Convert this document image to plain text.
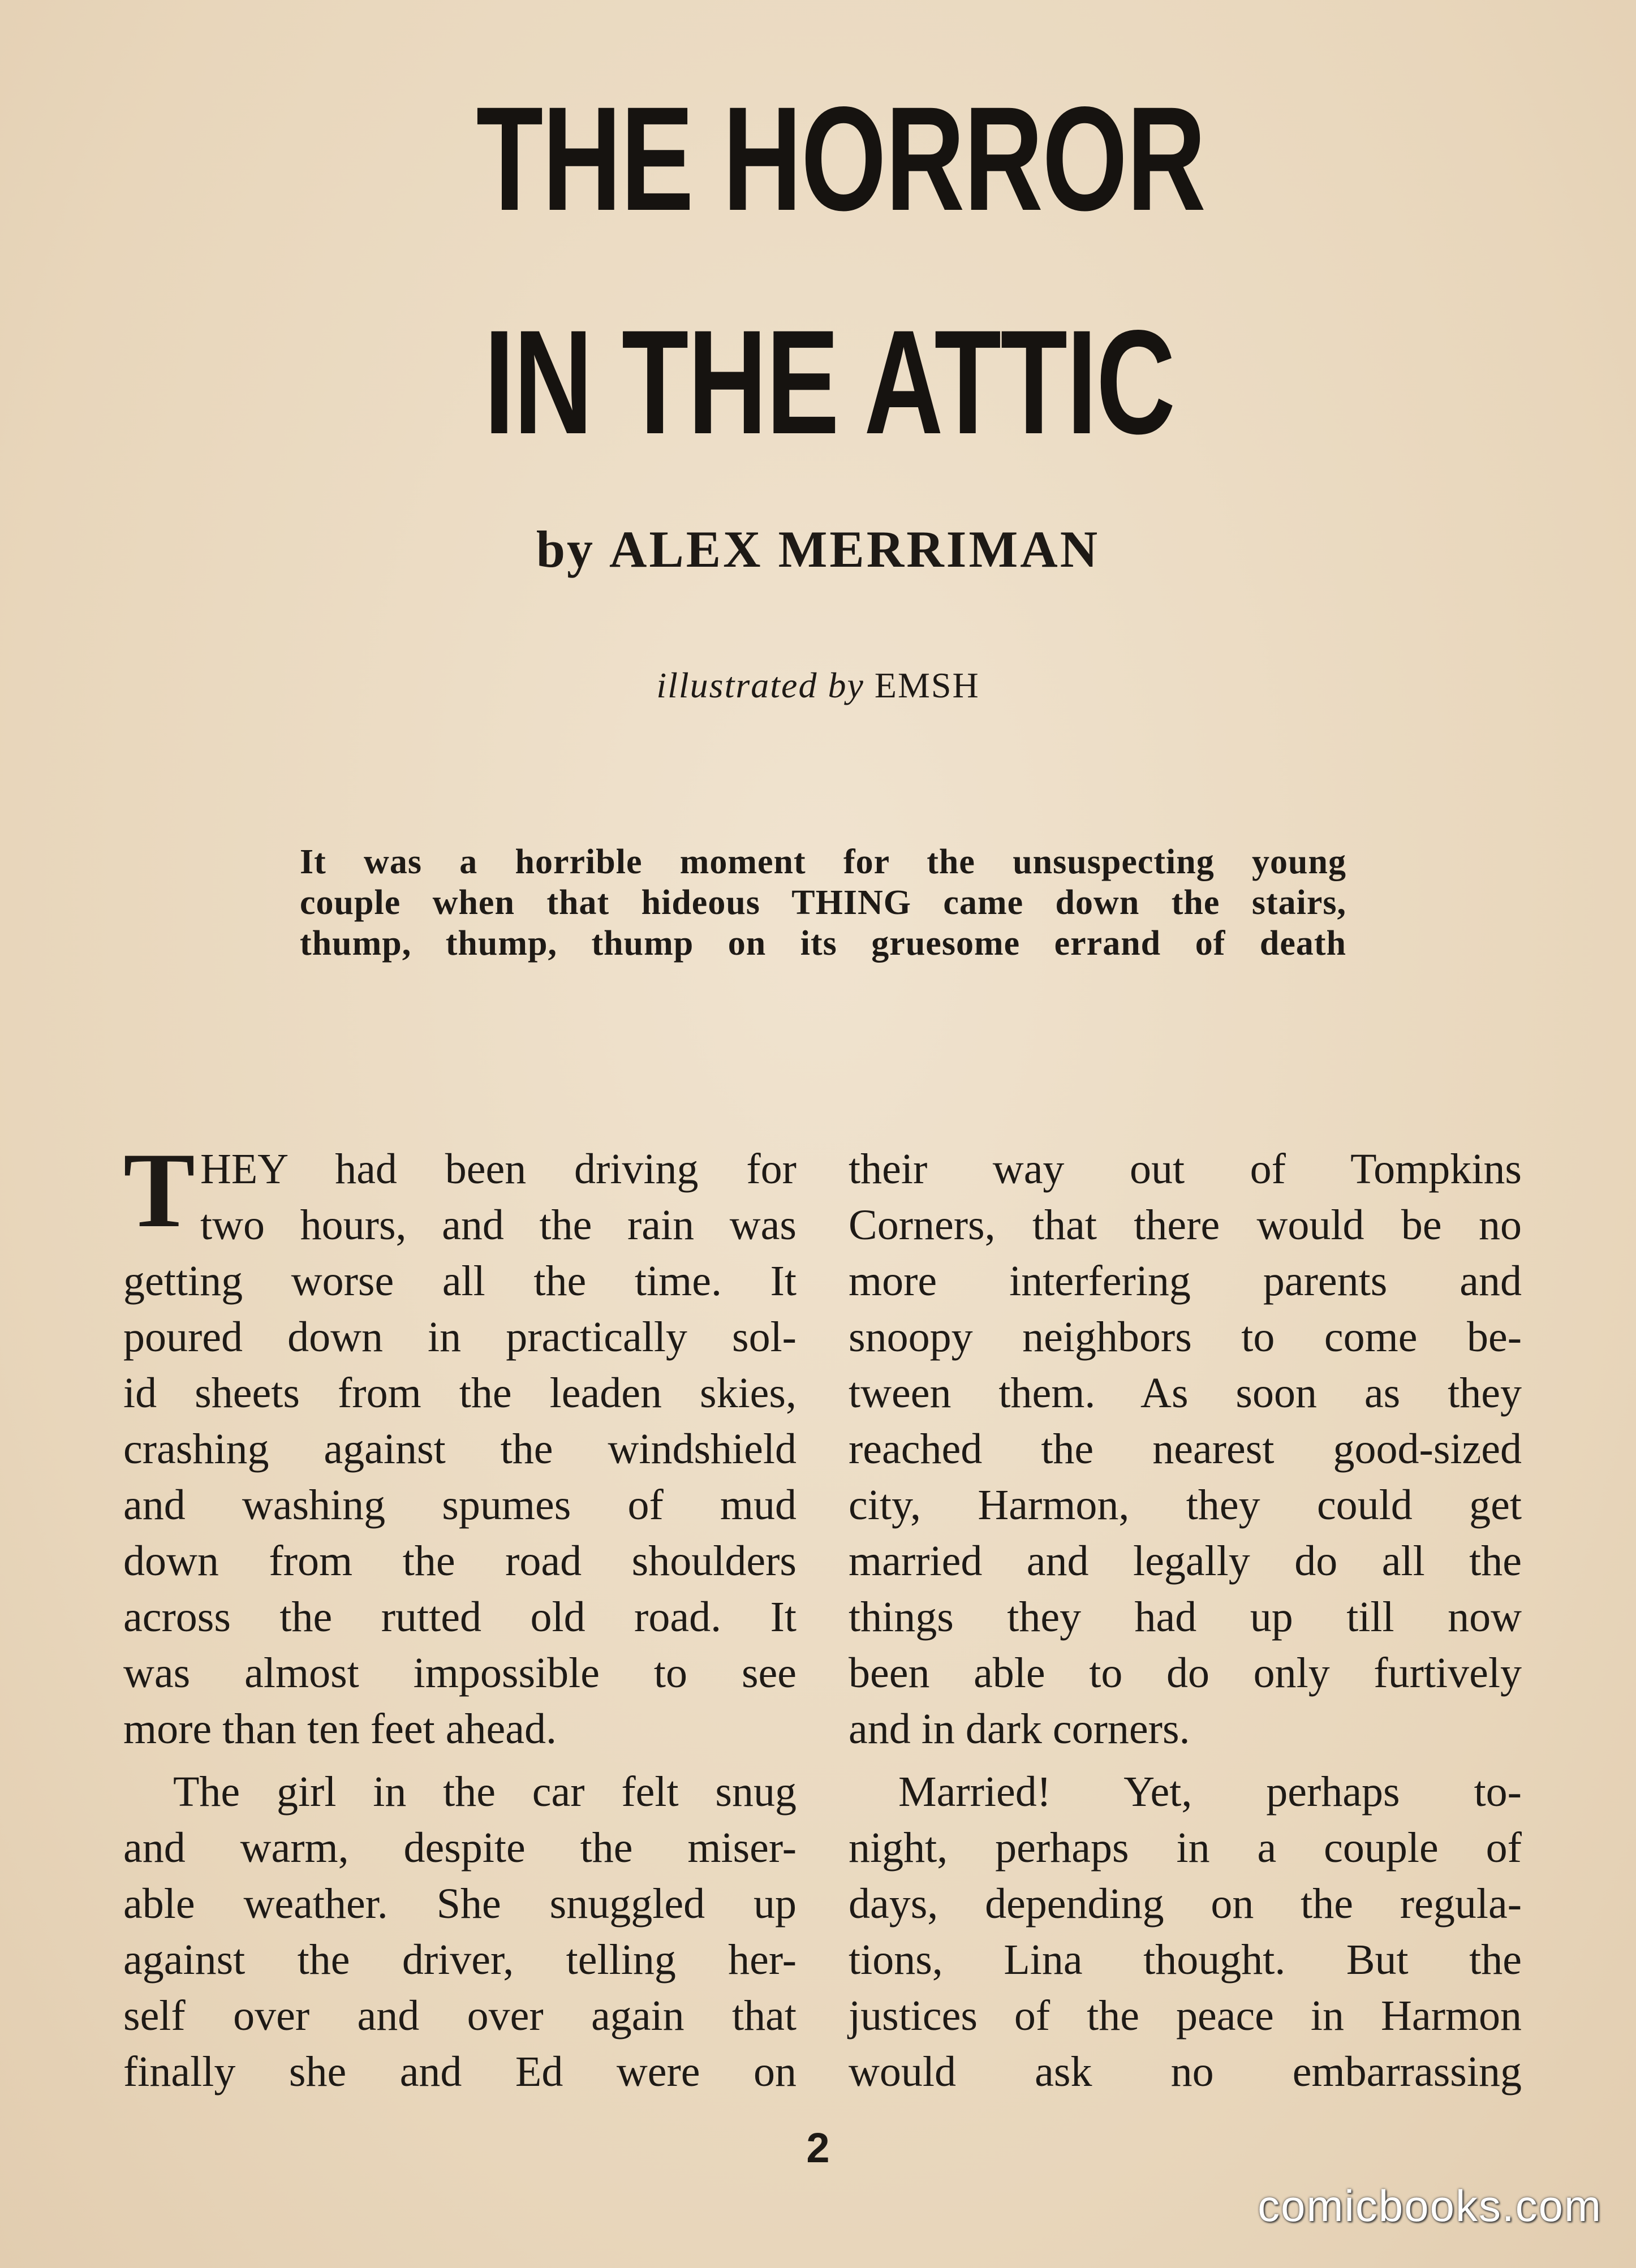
THE HORROR
IN THE ATTIC
by ALEX MERRIMAN
illustrated by EMSH
It was a horrible moment for the unsuspecting young
couple when that hideous THING came down the stairs,
thump, thump, thump on its gruesome errand of death
T HEY had been driving for
two hours, and the rain was
getting worse all the time. It
poured down in practically sol-
id sheets from the leaden skies,
crashing against the windshield
and washing spumes of mud
down from the road shoulders
across the rutted old road. It
was almost impossible to see
more than ten feet ahead.
The girl in the car felt snug
and warm, despite the miser-
able weather. She snuggled up
against the driver, telling her-
self over and over again that
finally she and Ed were on
their way out of Tompkins
Corners, that there would be no
more interfering parents and
snoopy neighbors to come be-
tween them. As soon as they
reached the nearest good-sized
city, Harmon, they could get
married and legally do all the
things they had up till now
been able to do only furtively
and in dark corners.
Married! Yet, perhaps to-
night, perhaps in a couple of
days, depending on the regula-
tions, Lina thought. But the
justices of the peace in Harmon
would ask no embarrassing
2
comicbooks.com
